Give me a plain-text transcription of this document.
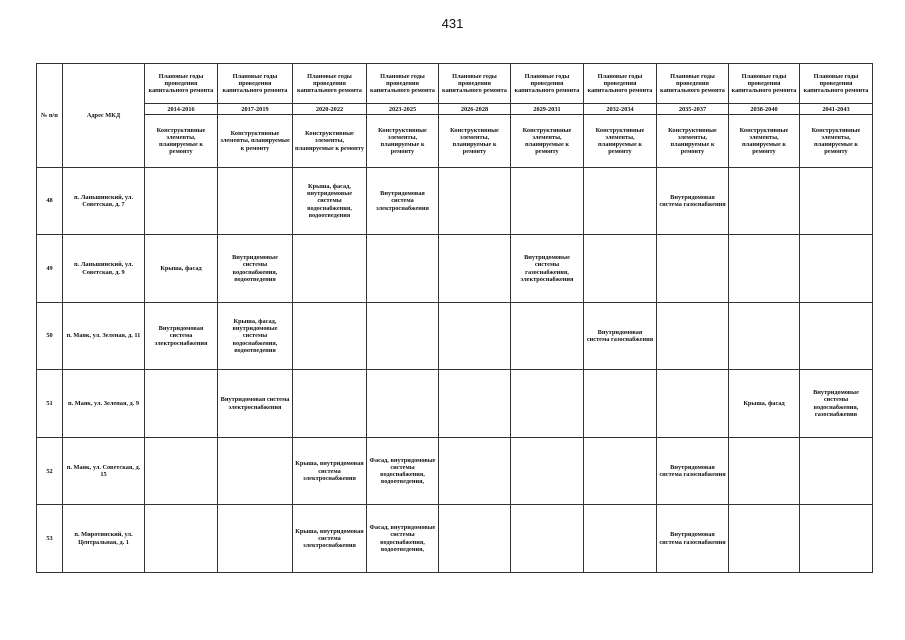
431
№ п/п	Адрес МКД	Плановые годы проведения капитального ремонта	Плановые годы проведения капитального ремонта	Плановые годы проведения капитального ремонта	Плановые годы проведения капитального ремонта	Плановые годы проведения капитального ремонта	Плановые годы проведения капитального ремонта	Плановые годы проведения капитального ремонта	Плановые годы проведения капитального ремонта	Плановые годы проведения капитального ремонта	Плановые годы проведения капитального ремонта
		2014-2016	2017-2019	2020-2022	2023-2025	2026-2028	2029-2031	2032-2034	2035-2037	2038-2040	2041-2043
		Конструктивные элементы, планируемые к ремонту	Конструктивные элементы, планируемые к ремонту	Конструктивные элементы, планируемые к ремонту	Конструктивные элементы, планируемые к ремонту	Конструктивные элементы, планируемые к ремонту	Конструктивные элементы, планируемые к ремонту	Конструктивные элементы, планируемые к ремонту	Конструктивные элементы, планируемые к ремонту	Конструктивные элементы, планируемые к ремонту	Конструктивные элементы, планируемые к ремонту
48	п. Ланьшинский, ул. Советская, д. 7			Крыша, фасад, внутридомовые системы водоснабжения, водоотведения	Внутридомовая система электроснабжения				Внутридомовая система газоснабжения		
49	п. Ланьшинский, ул. Советская, д. 9	Крыша, фасад	Внутридомовые системы водоснабжения, водоотведения				Внутридомовые системы газоснабжения, электроснабжения				
50	п. Маяк, ул. Зеленая, д. 11	Внутридомовая система электроснабжения	Крыша, фасад, внутридомовые системы водоснабжения, водоотведения					Внутридомовая система газоснабжения			
51	п. Маяк, ул. Зеленая, д. 9		Внутридомовая система электроснабжения							Крыша, фасад	Внутридомовые системы водоснабжения, газоснабжения
52	п. Маяк, ул. Советская, д. 15			Крыша, внутридомовая система электроснабжения	Фасад, внутридомовые системы водоснабжения, водоотведения,				Внутридомовая система газоснабжения		
53	п. Миротинский, ул. Центральная, д. 1			Крыша, внутридомовая система электроснабжения	Фасад, внутридомовые системы водоснабжения, водоотведения,				Внутридомовая система газоснабжения		
